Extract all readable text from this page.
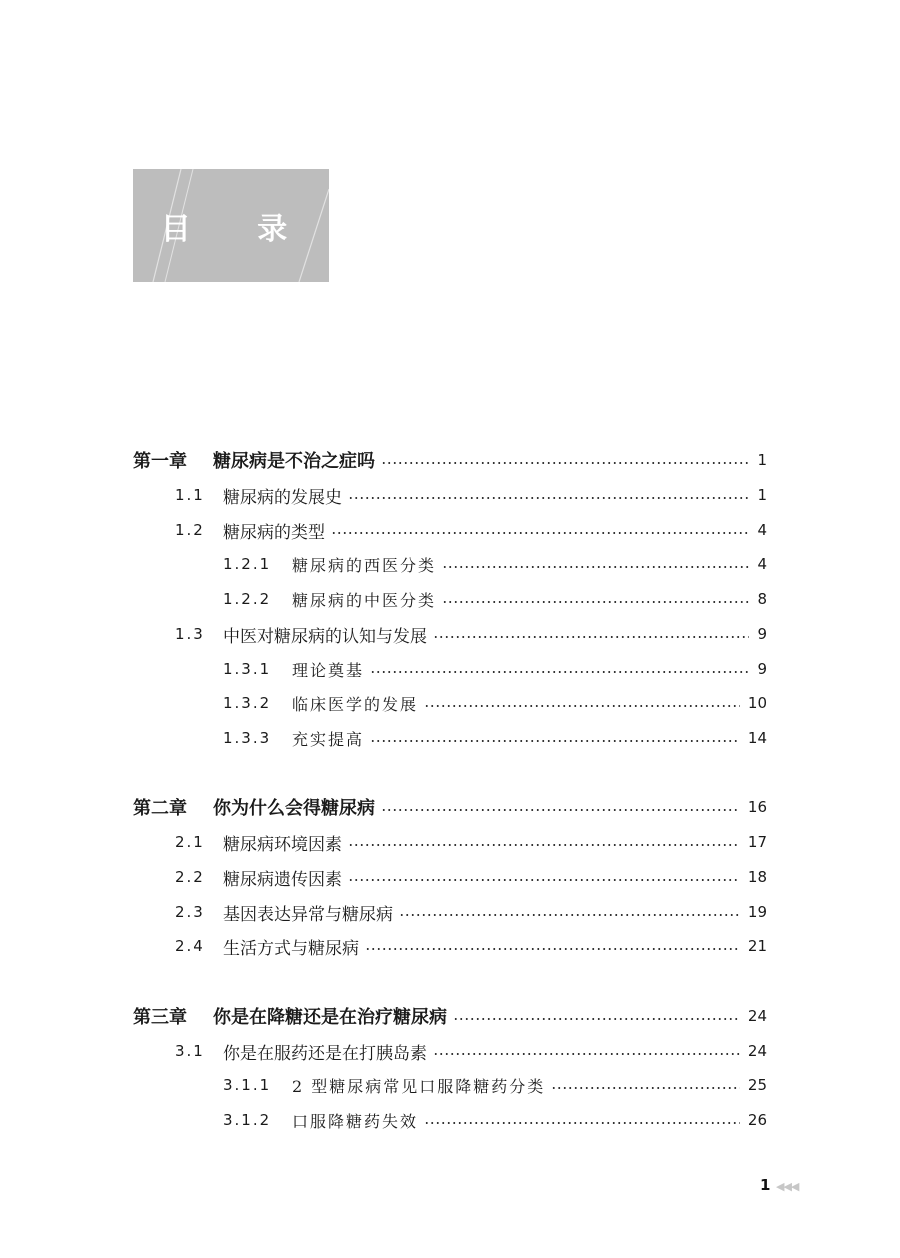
目 录
第一章 糖尿病是不治之症吗	1
1.1 糖尿病的发展史	1
1.2 糖尿病的类型	4
1.2.1 糖尿病的西医分类	4
1.2.2 糖尿病的中医分类	8
1.3 中医对糖尿病的认知与发展	9
1.3.1 理论奠基	9
1.3.2 临床医学的发展	10
1.3.3 充实提高	14
第二章 你为什么会得糖尿病	16
2.1 糖尿病环境因素	17
2.2 糖尿病遗传因素	18
2.3 基因表达异常与糖尿病	19
2.4 生活方式与糖尿病	21
第三章 你是在降糖还是在治疗糖尿病	24
3.1 你是在服药还是在打胰岛素	24
3.1.1 2 型糖尿病常见口服降糖药分类	25
3.1.2 口服降糖药失效	26
1 ◀◀◀
